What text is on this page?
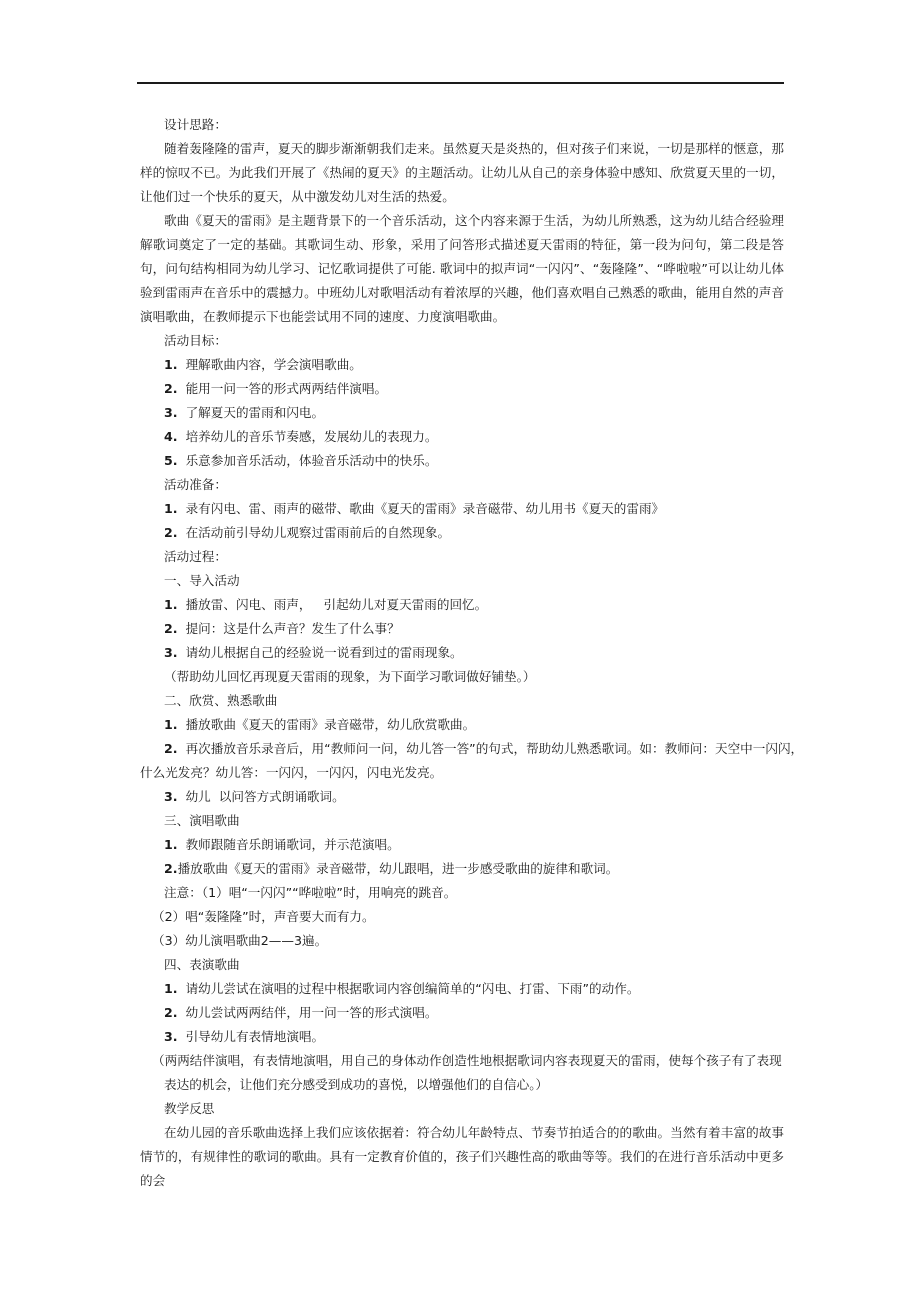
设计思路：

随着轰隆隆的雷声，夏天的脚步渐渐朝我们走来。虽然夏天是炎热的，但对孩子们来说，一切是那样的惬意，那样的惊叹不已。为此我们开展了《热闹的夏天》的主题活动。让幼儿从自己的亲身体验中感知、欣赏夏天里的一切，让他们过一个快乐的夏天，从中激发幼儿对生活的热爱。

歌曲《夏天的雷雨》是主题背景下的一个音乐活动，这个内容来源于生活，为幼儿所熟悉，这为幼儿结合经验理解歌词奠定了一定的基础。其歌词生动、形象，采用了问答形式描述夏天雷雨的特征，第一段为问句，第二段是答句，问句结构相同为幼儿学习、记忆歌词提供了可能. 歌词中的拟声词“一闪闪”、“轰隆隆”、“哗啦啦”可以让幼儿体验到雷雨声在音乐中的震撼力。中班幼儿对歌唱活动有着浓厚的兴趣，他们喜欢唱自己熟悉的歌曲，能用自然的声音演唱歌曲，在教师提示下也能尝试用不同的速度、力度演唱歌曲。

活动目标：

1. 理解歌曲内容，学会演唱歌曲。

2. 能用一问一答的形式两两结伴演唱。

3. 了解夏天的雷雨和闪电。

4. 培养幼儿的音乐节奏感，发展幼儿的表现力。

5. 乐意参加音乐活动，体验音乐活动中的快乐。

活动准备：

1. 录有闪电、雷、雨声的磁带、歌曲《夏天的雷雨》录音磁带、幼儿用书《夏天的雷雨》

2. 在活动前引导幼儿观察过雷雨前后的自然现象。

活动过程：

一、导入活动

1. 播放雷、闪电、雨声，   引起幼儿对夏天雷雨的回忆。

2. 提问：这是什么声音？发生了什么事？

3. 请幼儿根据自己的经验说一说看到过的雷雨现象。

（帮助幼儿回忆再现夏天雷雨的现象，为下面学习歌词做好铺垫。）

二、欣赏、熟悉歌曲

1. 播放歌曲《夏天的雷雨》录音磁带，幼儿欣赏歌曲。

2. 再次播放音乐录音后，用“教师问一问，幼儿答一答”的句式，帮助幼儿熟悉歌词。如：教师问：天空中一闪闪，

什么光发亮？幼儿答：一闪闪，一闪闪，闪电光发亮。

3. 幼儿  以问答方式朗诵歌词。

三、演唱歌曲

1. 教师跟随音乐朗诵歌词，并示范演唱。

2.播放歌曲《夏天的雷雨》录音磁带，幼儿跟唱，进一步感受歌曲的旋律和歌词。

注意：（1）唱“一闪闪”“哗啦啦”时，用响亮的跳音。

（2）唱“轰隆隆”时，声音要大而有力。

（3）幼儿演唱歌曲2——3遍。

四、表演歌曲

1. 请幼儿尝试在演唱的过程中根据歌词内容创编简单的“闪电、打雷、下雨”的动作。

2. 幼儿尝试两两结伴，用一问一答的形式演唱。

3. 引导幼儿有表情地演唱。

（两两结伴演唱，有表情地演唱，用自己的身体动作创造性地根据歌词内容表现夏天的雷雨，使每个孩子有了表现

表达的机会，让他们充分感受到成功的喜悦，以增强他们的自信心。）

教学反思

在幼儿园的音乐歌曲选择上我们应该依据着：符合幼儿年龄特点、节奏节拍适合的的歌曲。当然有着丰富的故事情节的，有规律性的歌词的歌曲。具有一定教育价值的，孩子们兴趣性高的歌曲等等。我们的在进行音乐活动中更多的会
